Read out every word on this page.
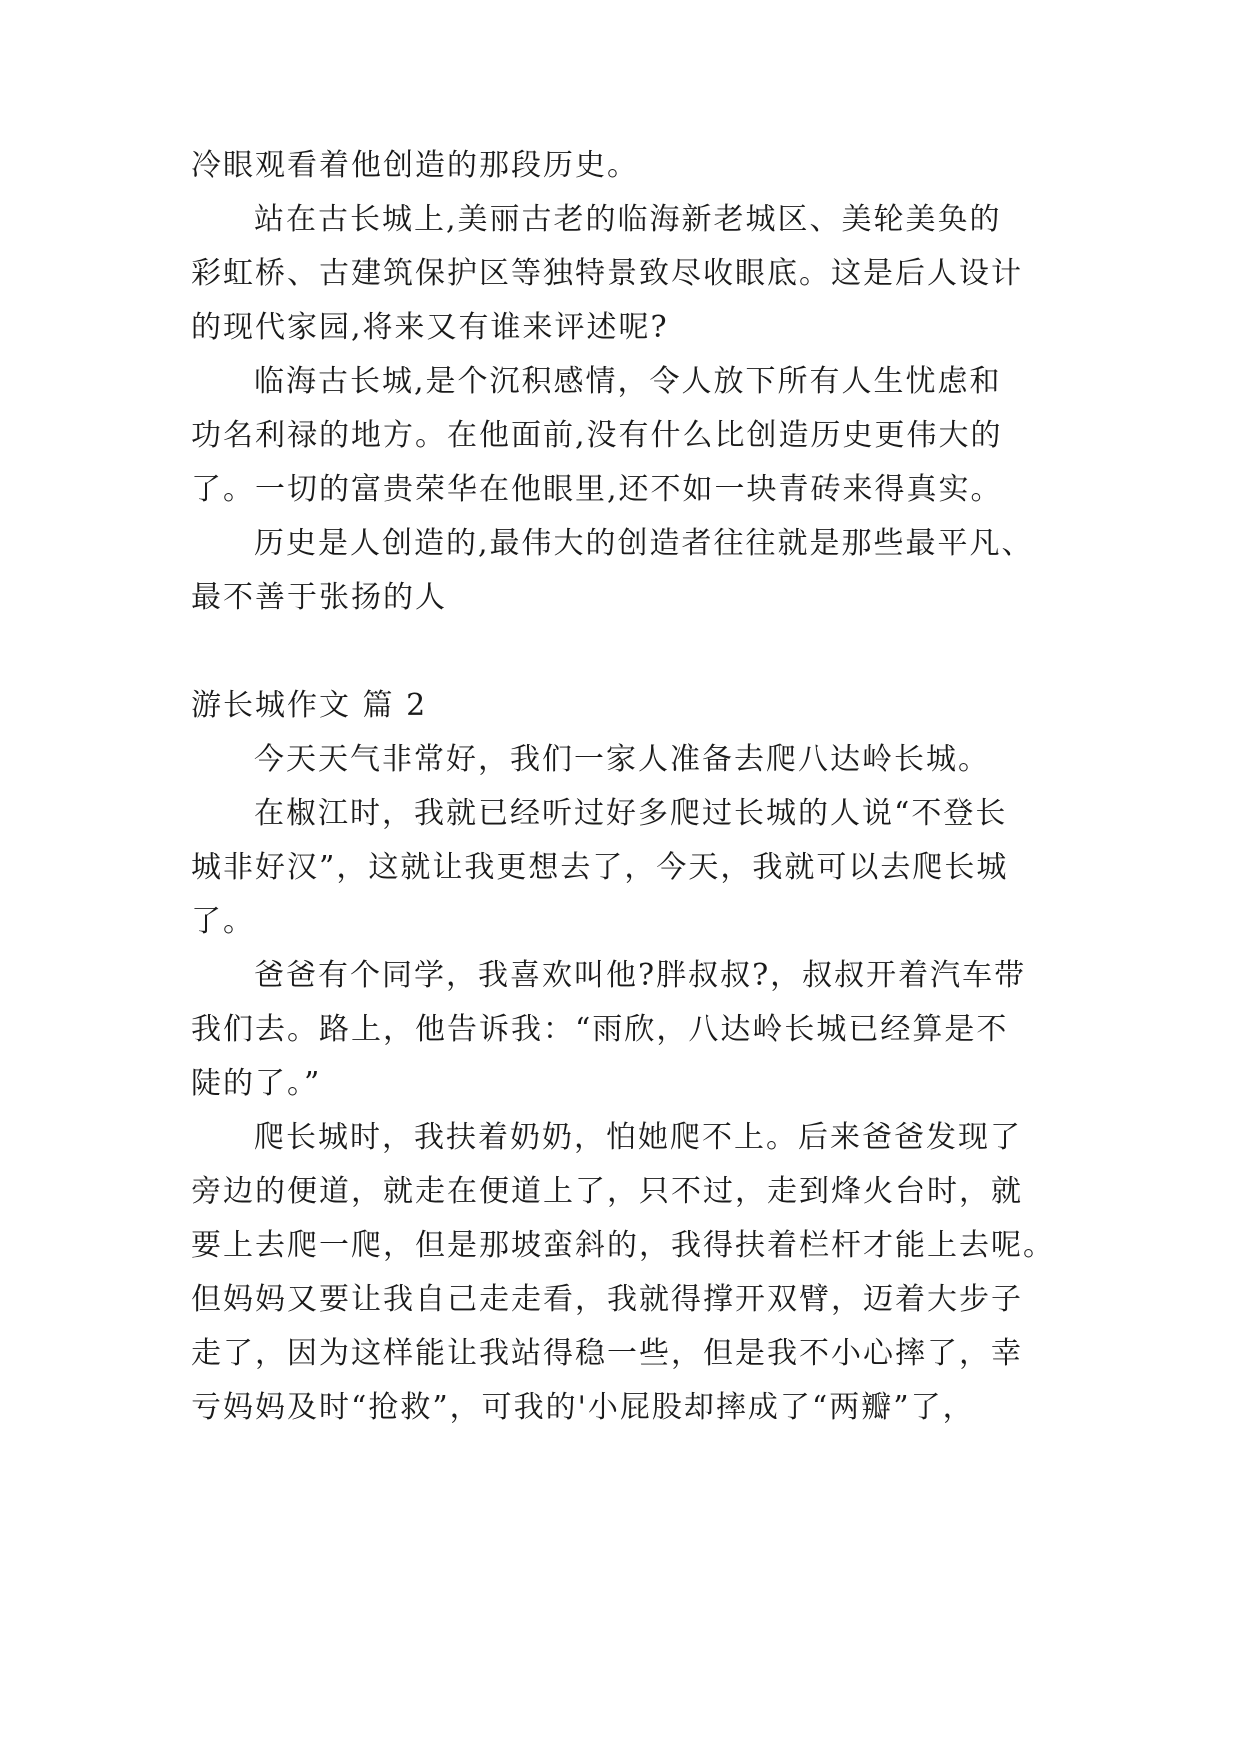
冷眼观看着他创造的那段历史。
站在古长城上,美丽古老的临海新老城区、美轮美奂的
彩虹桥、古建筑保护区等独特景致尽收眼底。这是后人设计
的现代家园,将来又有谁来评述呢?
临海古长城,是个沉积感情，令人放下所有人生忧虑和
功名利禄的地方。在他面前,没有什么比创造历史更伟大的
了。一切的富贵荣华在他眼里,还不如一块青砖来得真实。
历史是人创造的,最伟大的创造者往往就是那些最平凡、
最不善于张扬的人
游长城作文 篇 2
今天天气非常好，我们一家人准备去爬八达岭长城。
在椒江时，我就已经听过好多爬过长城的人说“不登长
城非好汉”，这就让我更想去了，今天，我就可以去爬长城
了。
爸爸有个同学，我喜欢叫他?胖叔叔?，叔叔开着汽车带
我们去。路上，他告诉我：“雨欣，八达岭长城已经算是不
陡的了。”
爬长城时，我扶着奶奶，怕她爬不上。后来爸爸发现了
旁边的便道，就走在便道上了，只不过，走到烽火台时，就
要上去爬一爬，但是那坡蛮斜的，我得扶着栏杆才能上去呢。
但妈妈又要让我自己走走看，我就得撑开双臂，迈着大步子
走了，因为这样能让我站得稳一些，但是我不小心摔了，幸
亏妈妈及时“抢救”，可我的'小屁股却摔成了“两瓣”了，
